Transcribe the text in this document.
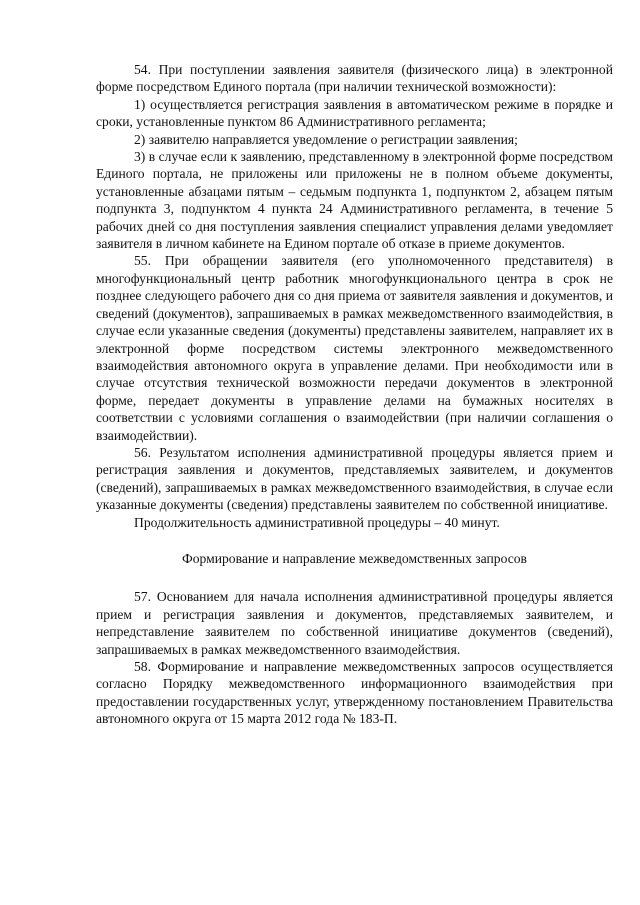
54. При поступлении заявления заявителя (физического лица) в электронной форме посредством Единого портала (при наличии технической возможности):

1) осуществляется регистрация заявления в автоматическом режиме в порядке и сроки, установленные пунктом 86 Административного регламента;

2) заявителю направляется уведомление о регистрации заявления;

3) в случае если к заявлению, представленному в электронной форме посредством Единого портала, не приложены или приложены не в полном объеме документы, установленные абзацами пятым – седьмым подпункта 1, подпунктом 2, абзацем пятым подпункта 3, подпунктом 4 пункта 24 Административного регламента, в течение 5 рабочих дней со дня поступления заявления специалист управления делами уведомляет заявителя в личном кабинете на Едином портале об отказе в приеме документов.

55. При обращении заявителя (его уполномоченного представителя) в многофункциональный центр работник многофункционального центра в срок не позднее следующего рабочего дня со дня приема от заявителя заявления и документов, и сведений (документов), запрашиваемых в рамках межведомственного взаимодействия, в случае если указанные сведения (документы) представлены заявителем, направляет их в электронной форме посредством системы электронного межведомственного взаимодействия автономного округа в управление делами. При необходимости или в случае отсутствия технической возможности передачи документов в электронной форме, передает документы в управление делами на бумажных носителях в соответствии с условиями соглашения о взаимодействии (при наличии соглашения о взаимодействии).

56. Результатом исполнения административной процедуры является прием и регистрация заявления и документов, представляемых заявителем, и документов (сведений), запрашиваемых в рамках межведомственного взаимодействия, в случае если указанные документы (сведения) представлены заявителем по собственной инициативе.

Продолжительность административной процедуры – 40 минут.

Формирование и направление межведомственных запросов

57. Основанием для начала исполнения административной процедуры является прием и регистрация заявления и документов, представляемых заявителем, и непредставление заявителем по собственной инициативе документов (сведений), запрашиваемых в рамках межведомственного взаимодействия.

58. Формирование и направление межведомственных запросов осуществляется согласно Порядку межведомственного информационного взаимодействия при предоставлении государственных услуг, утвержденному постановлением Правительства автономного округа от 15 марта 2012 года № 183-П.
